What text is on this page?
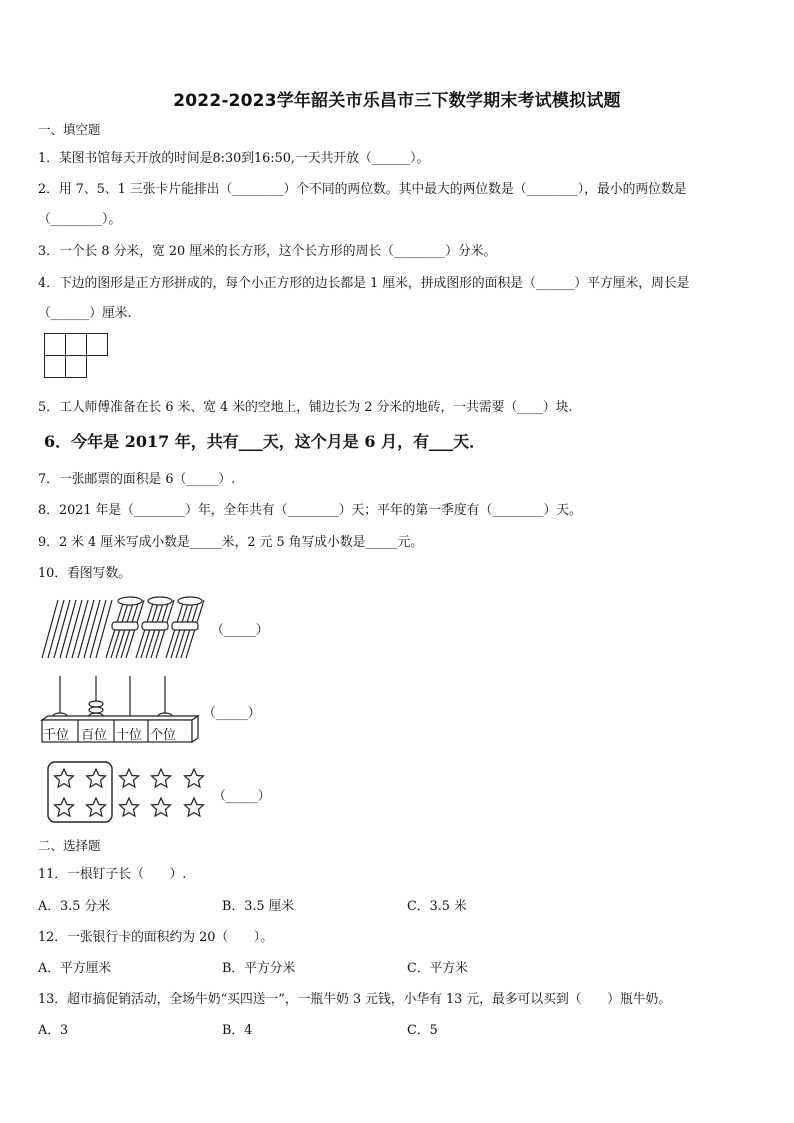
2022-2023学年韶关市乐昌市三下数学期末考试模拟试题
一、填空题
1．某图书馆每天开放的时间是8:30到16:50,一天共开放（______）。
2．用 7、5、1 三张卡片能排出（________）个不同的两位数。其中最大的两位数是（________），最小的两位数是
（________）。
3．一个长 8 分米，宽 20 厘米的长方形，这个长方形的周长（________）分米。
4．下边的图形是正方形拼成的，每个小正方形的边长都是 1 厘米，拼成图形的面积是（______）平方厘米，周长是
（______）厘米.
5．工人师傅准备在长 6 米、宽 4 米的空地上，铺边长为 2 分米的地砖，一共需要（____）块.
6．今年是 2017 年，共有___天，这个月是 6 月，有___天．
7．一张邮票的面积是 6（_____）.
8．2021 年是（________）年，全年共有（________）天；平年的第一季度有（________）天。
9．2 米 4 厘米写成小数是_____米，2 元 5 角写成小数是_____元。
10．看图写数。
（_____）
千位 百位 十位 个位
（_____）
（_____）
二、选择题
11．一根钉子长（　　）.
A．3.5 分米	B．3.5 厘米	C．3.5 米
12．一张银行卡的面积约为 20（　　）。
A．平方厘米	B．平方分米	C．平方米
13．超市搞促销活动，全场牛奶“买四送一”，一瓶牛奶 3 元钱，小华有 13 元，最多可以买到（　　）瓶牛奶。
A．3	B．4	C．5
